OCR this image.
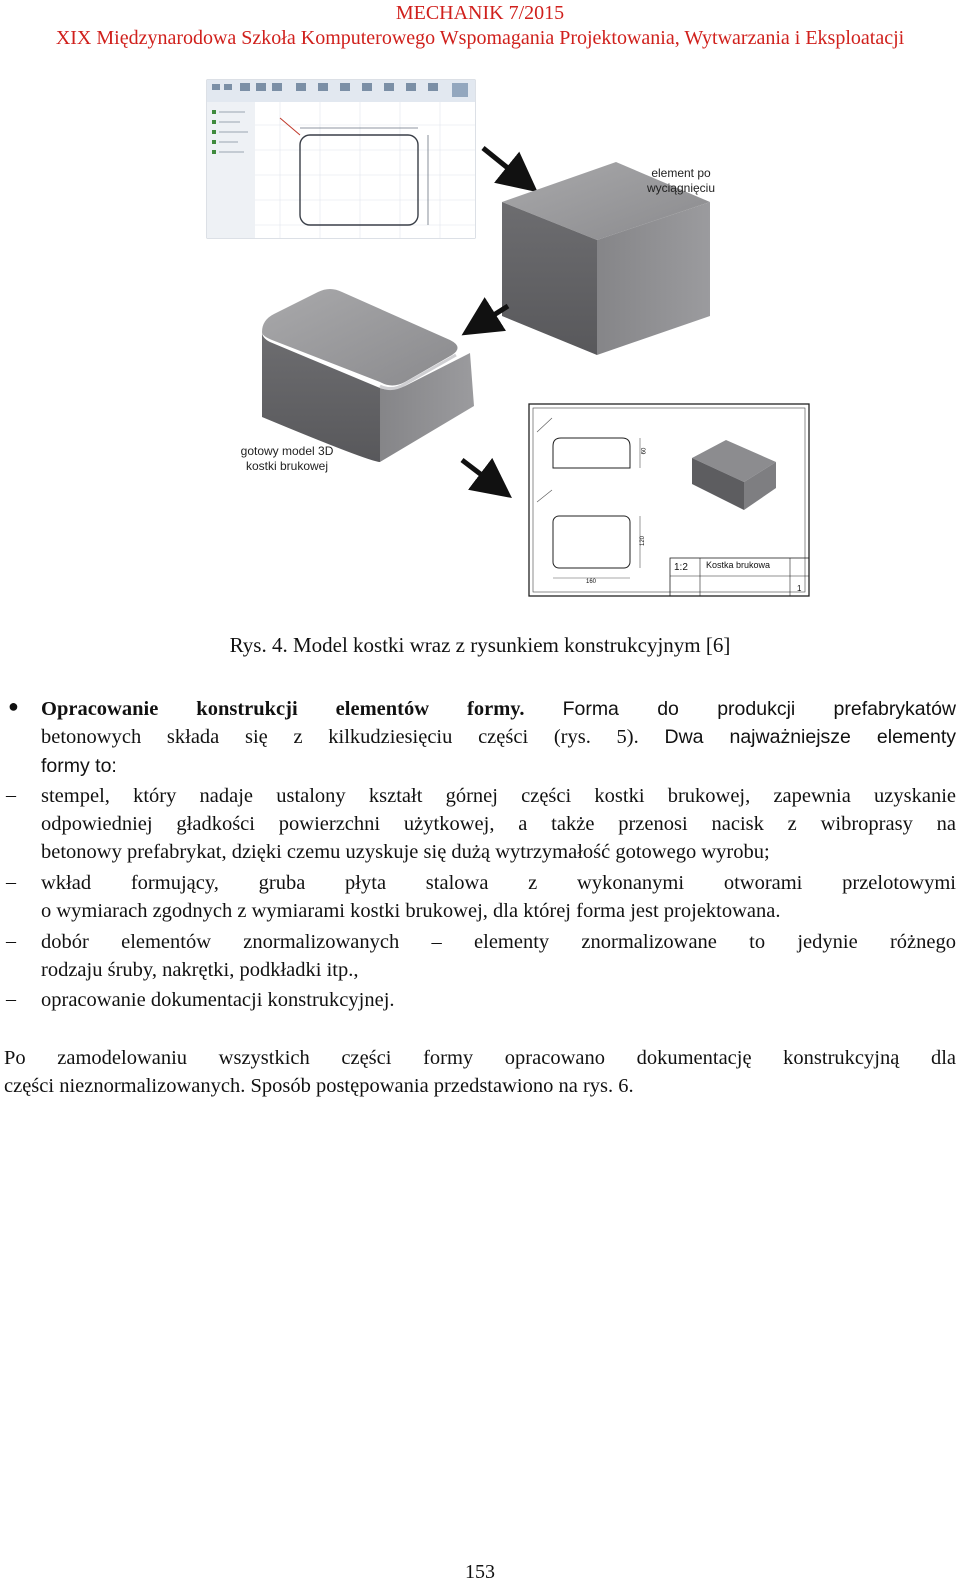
MECHANIK 7/2015
XIX Międzynarodowa Szkoła Komputerowego Wspomagania Projektowania, Wytwarzania i Eksploatacji
element po
wyciągnięciu
gotowy model 3D
kostki brukowej
60
120
160
1:2 Kostka brukowa
1
Rys. 4. Model kostki wraz z rysunkiem konstrukcyjnym [6]
● Opracowanie konstrukcji elementów formy. Forma do produkcji prefabrykatów
betonowych składa się z kilkudziesięciu części (rys. 5). Dwa najważniejsze elementy
formy to:
– stempel, który nadaje ustalony kształt górnej części kostki brukowej, zapewnia uzyskanie
odpowiedniej gładkości powierzchni użytkowej, a także przenosi nacisk z wibroprasy na
betonowy prefabrykat, dzięki czemu uzyskuje się dużą wytrzymałość gotowego wyrobu;
– wkład formujący, gruba płyta stalowa z wykonanymi otworami przelotowymi
o wymiarach zgodnych z wymiarami kostki brukowej, dla której forma jest projektowana.
– dobór elementów znormalizowanych – elementy znormalizowane to jedynie różnego
rodzaju śruby, nakrętki, podkładki itp.,
– opracowanie dokumentacji konstrukcyjnej.
Po zamodelowaniu wszystkich części formy opracowano dokumentację konstrukcyjną dla
części nieznormalizowanych. Sposób postępowania przedstawiono na rys. 6.
153
